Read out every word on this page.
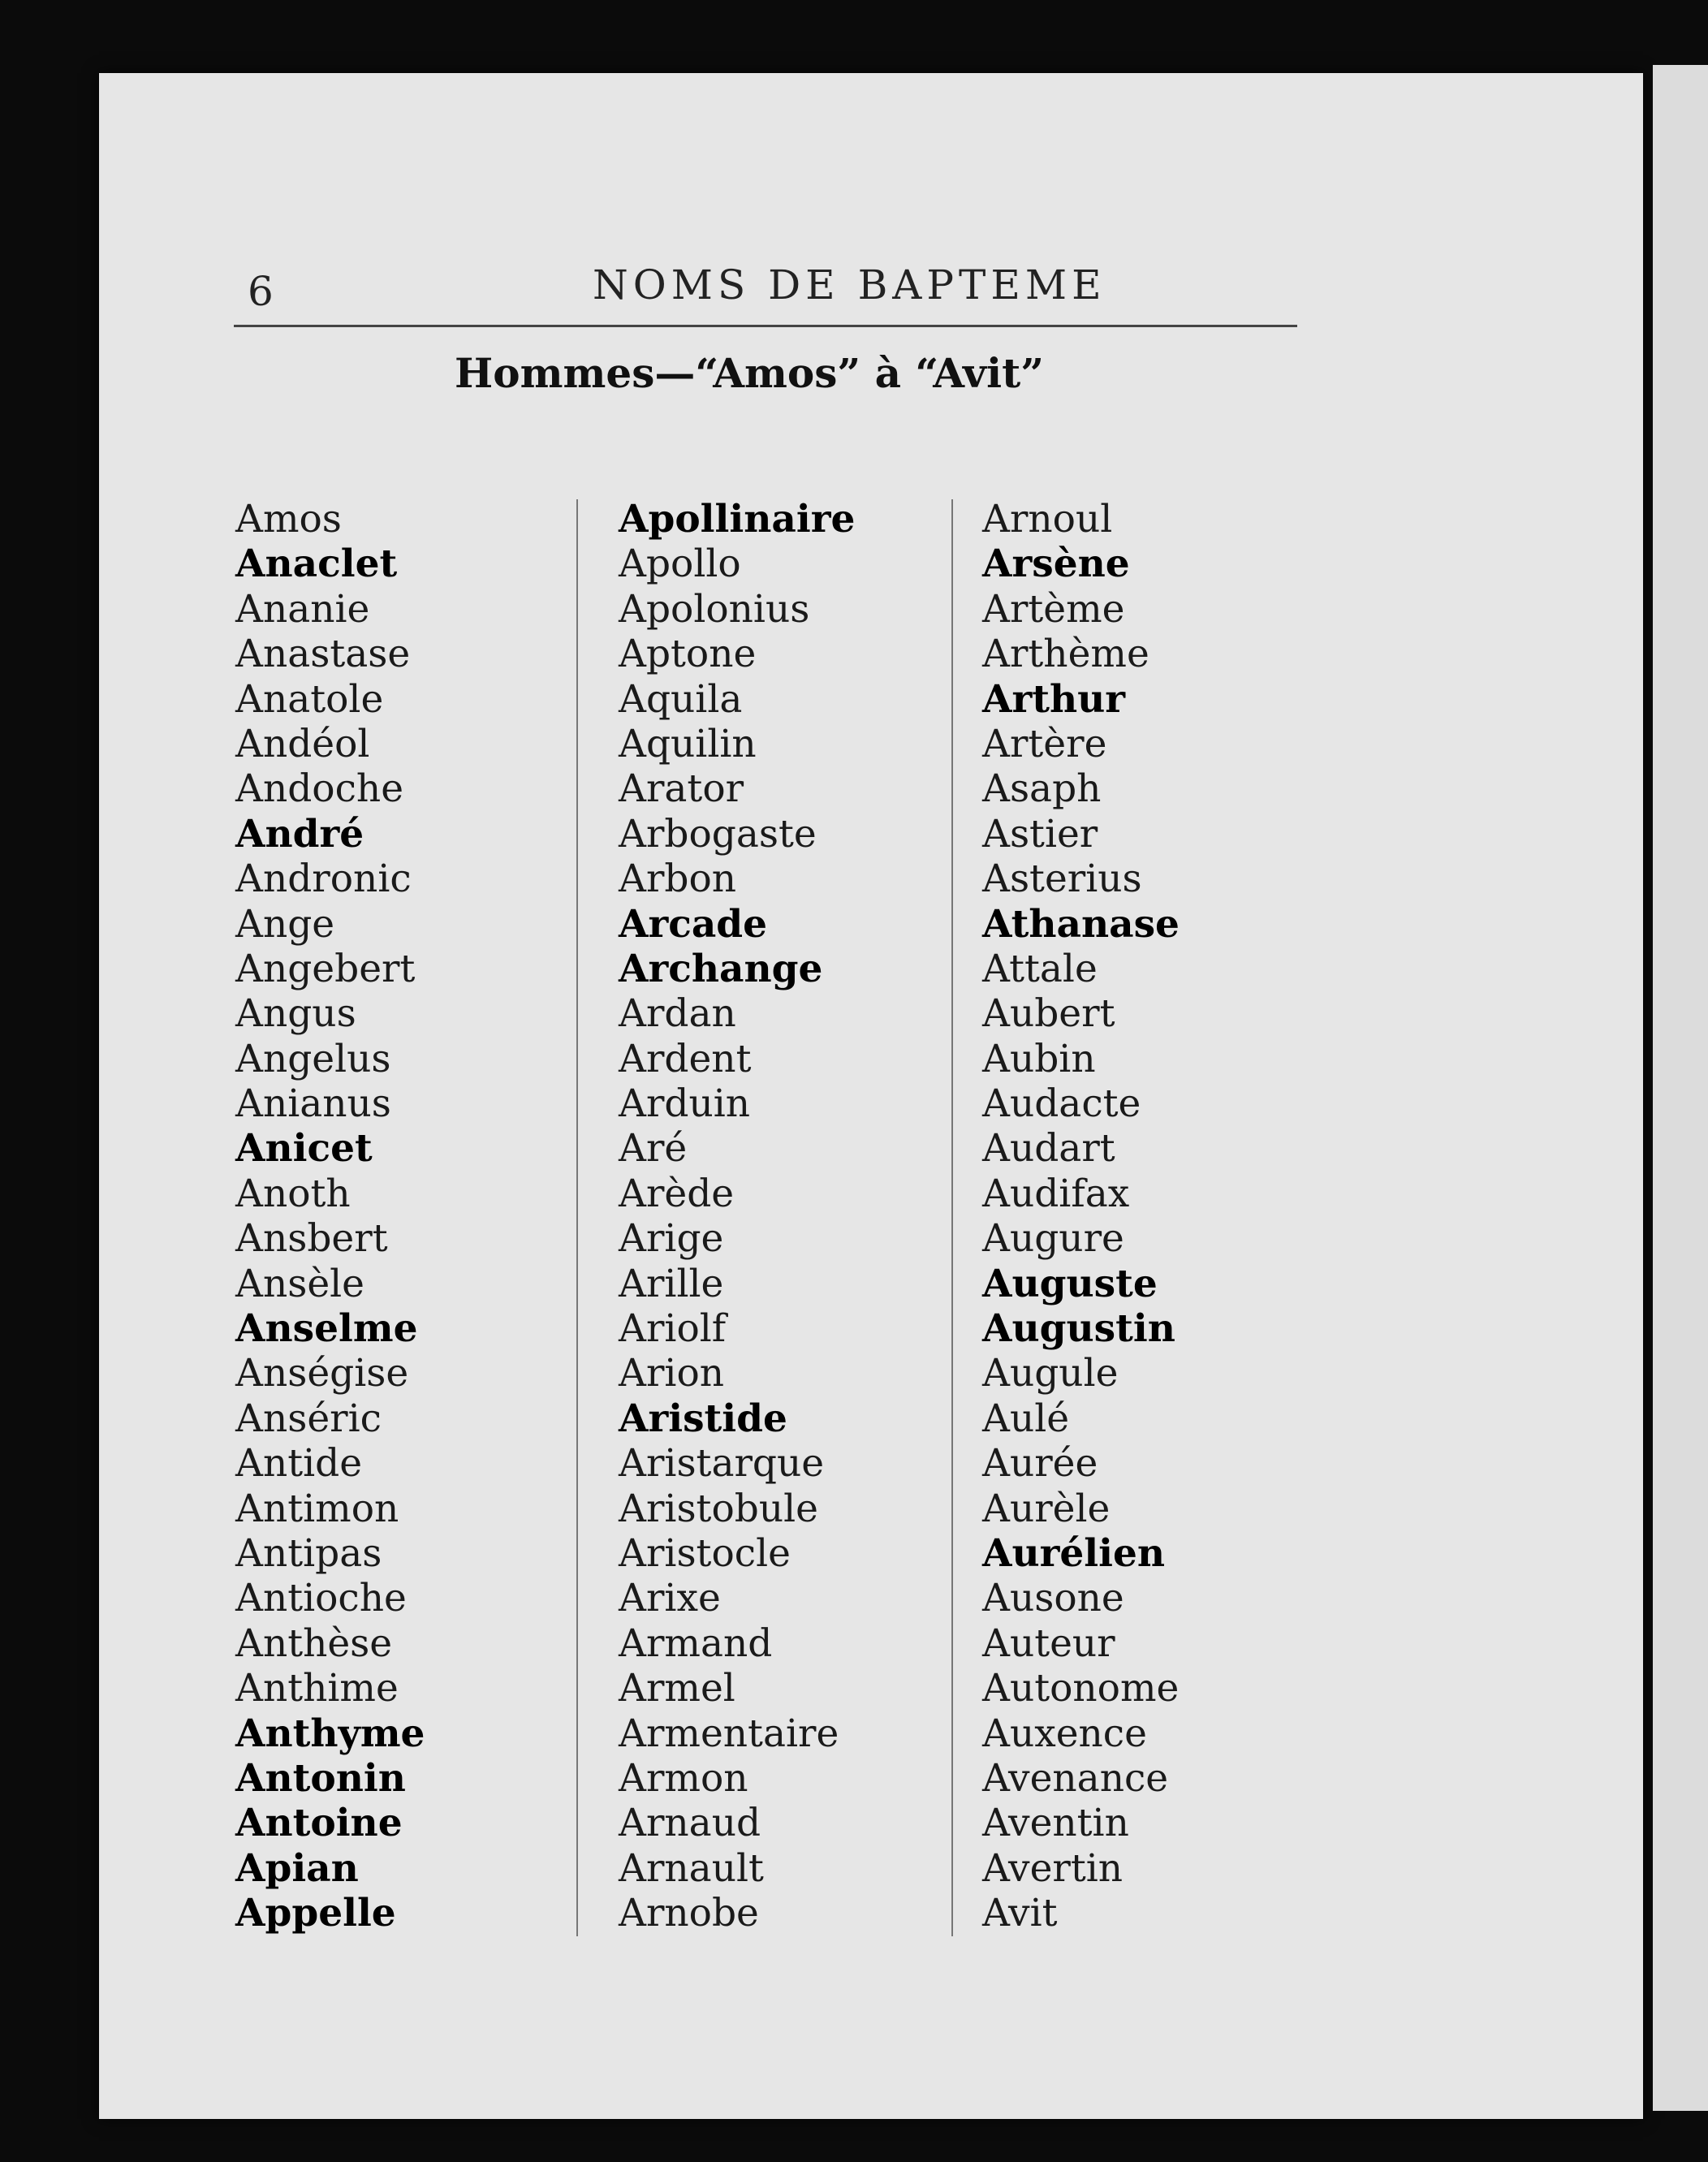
6	NOMS DE BAPTEME
Hommes—“Amos” à “Avit”
Amos
Anaclet
Ananie
Anastase
Anatole
Andéol
Andoche
André
Andronic
Ange
Angebert
Angus
Angelus
Anianus
Anicet
Anoth
Ansbert
Ansèle
Anselme
Anségise
Anséric
Antide
Antimon
Antipas
Antioche
Anthèse
Anthime
Anthyme
Antonin
Antoine
Apian
Appelle
Apollinaire
Apollo
Apolonius
Aptone
Aquila
Aquilin
Arator
Arbogaste
Arbon
Arcade
Archange
Ardan
Ardent
Arduin
Aré
Arède
Arige
Arille
Ariolf
Arion
Aristide
Aristarque
Aristobule
Aristocle
Arixe
Armand
Armel
Armentaire
Armon
Arnaud
Arnault
Arnobe
Arnoul
Arsène
Artème
Arthème
Arthur
Artère
Asaph
Astier
Asterius
Athanase
Attale
Aubert
Aubin
Audacte
Audart
Audifax
Augure
Auguste
Augustin
Augule
Aulé
Aurée
Aurèle
Aurélien
Ausone
Auteur
Autonome
Auxence
Avenance
Aventin
Avertin
Avit
